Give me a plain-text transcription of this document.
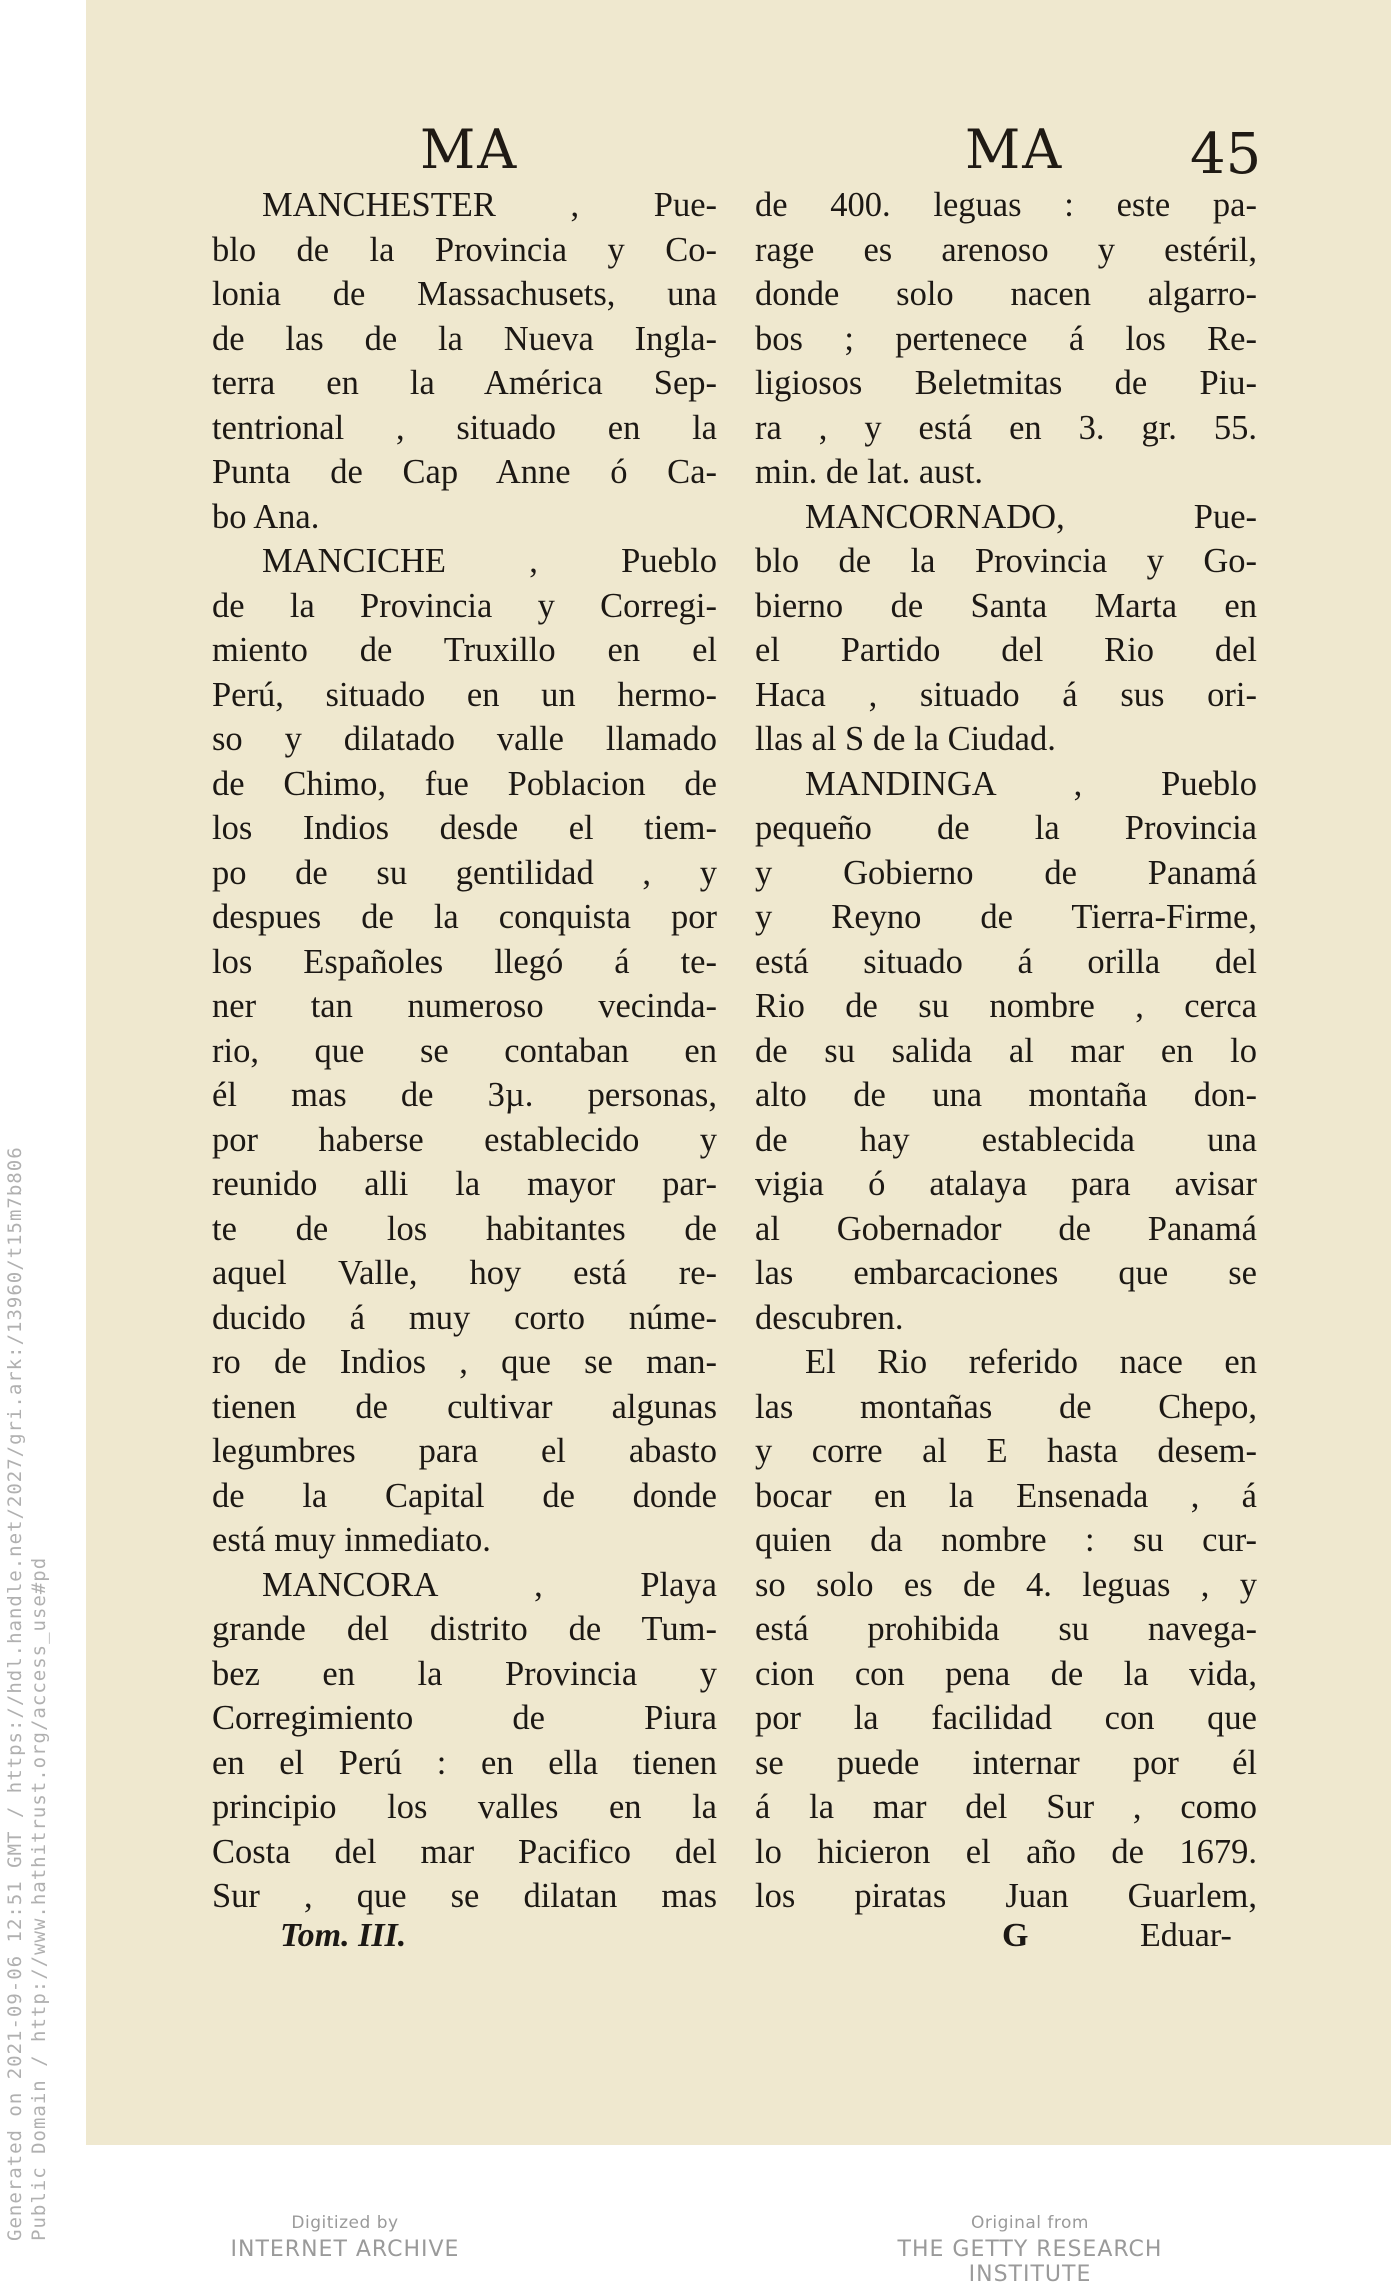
Generated on 2021-09-06 12:51 GMT / https://hdl.handle.net/2027/gri.ark:/13960/t15m7b806 Public Domain / http://www.hathitrust.org/access_use#pd
MA	MA 45
MANCHESTER , Pue-
blo de la Provincia y Co-
lonia de Massachusets, una
de las de la Nueva Ingla-
terra en la América Sep-
tentrional , situado en la
Punta de Cap Anne ó Ca-
bo Ana.
MANCICHE , Pueblo
de la Provincia y Corregi-
miento de Truxillo en el
Perú, situado en un hermo-
so y dilatado valle llamado
de Chimo, fue Poblacion de
los Indios desde el tiem-
po de su gentilidad , y
despues de la conquista por
los Españoles llegó á te-
ner tan numeroso vecinda-
rio, que se contaban en
él mas de 3µ. personas,
por haberse establecido y
reunido alli la mayor par-
te de los habitantes de
aquel Valle, hoy está re-
ducido á muy corto núme-
ro de Indios , que se man-
tienen de cultivar algunas
legumbres para el abasto
de la Capital de donde
está muy inmediato.
MANCORA , Playa
grande del distrito de Tum-
bez en la Provincia y
Corregimiento de Piura
en el Perú : en ella tienen
principio los valles en la
Costa del mar Pacifico del
Sur , que se dilatan mas
de 400. leguas : este pa-
rage es arenoso y estéril,
donde solo nacen algarro-
bos ; pertenece á los Re-
ligiosos Beletmitas de Piu-
ra , y está en 3. gr. 55.
min. de lat. aust.
MANCORNADO, Pue-
blo de la Provincia y Go-
bierno de Santa Marta en
el Partido del Rio del
Haca , situado á sus ori-
llas al S de la Ciudad.
MANDINGA , Pueblo
pequeño de la Provincia
y Gobierno de Panamá
y Reyno de Tierra-Firme,
está situado á orilla del
Rio de su nombre , cerca
de su salida al mar en lo
alto de una montaña don-
de hay establecida una
vigia ó atalaya para avisar
al Gobernador de Panamá
las embarcaciones que se
descubren.
El Rio referido nace en
las montañas de Chepo,
y corre al E hasta desem-
bocar en la Ensenada , á
quien da nombre : su cur-
so solo es de 4. leguas , y
está prohibida su navega-
cion con pena de la vida,
por la facilidad con que
se puede internar por él
á la mar del Sur , como
lo hicieron el año de 1679.
los piratas Juan Guarlem,
Tom. III.	G	Eduar-
Digitized by
INTERNET ARCHIVE
Original from
THE GETTY RESEARCH INSTITUTE
